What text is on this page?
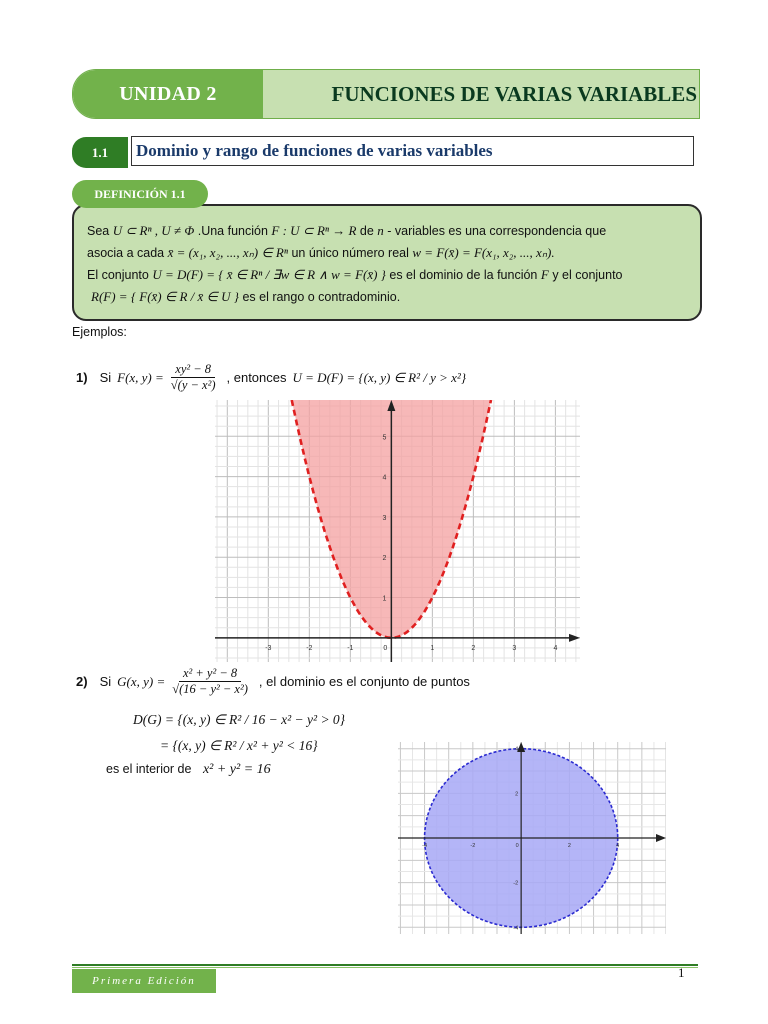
UNIDAD 2	FUNCIONES DE VARIAS VARIABLES
1.1	Dominio y rango de funciones de varias variables
DEFINICIÓN 1.1
Sea U ⊂ Rⁿ , U ≠ Φ .Una función F : U ⊂ Rⁿ → R de n - variables es una correspondencia que
asocia a cada x̄ = (x₁, x₂, ..., xₙ) ∈ Rⁿ un único número real w = F(x̄) = F(x₁, x₂, ..., xₙ).
El conjunto U = D(F) = { x̄ ∈ Rⁿ / ∃w ∈ R ∧ w = F(x̄) } es el dominio de la función F y el conjunto
R(F) = { F(x̄) ∈ R / x̄ ∈ U } es el rango o contradominio.
Ejemplos:
1) Si F(x, $y) = \frac{\text{xy² − 8}}{\text{√(y − x²)}}$ , entonces U = D(F) = {(x, y) ∈ R² / y > x²}
-3	-2	-1	0	1	2	3	4
1
2
3
4
5
2) Si G(x, $y) = \frac{\text{x² + y² − 8}}{\text{√(16 − y² − x²)}}$ , el dominio es el conjunto de puntos
D(G) = {(x, y) ∈ R² / 16 − x² − y² > 0}
= {(x, y) ∈ R² / x² + y² < 16}
es el interior de x² + y² = 16
-4	-2	0	2	4
-4
-2
2
4
Primera Edición
1
